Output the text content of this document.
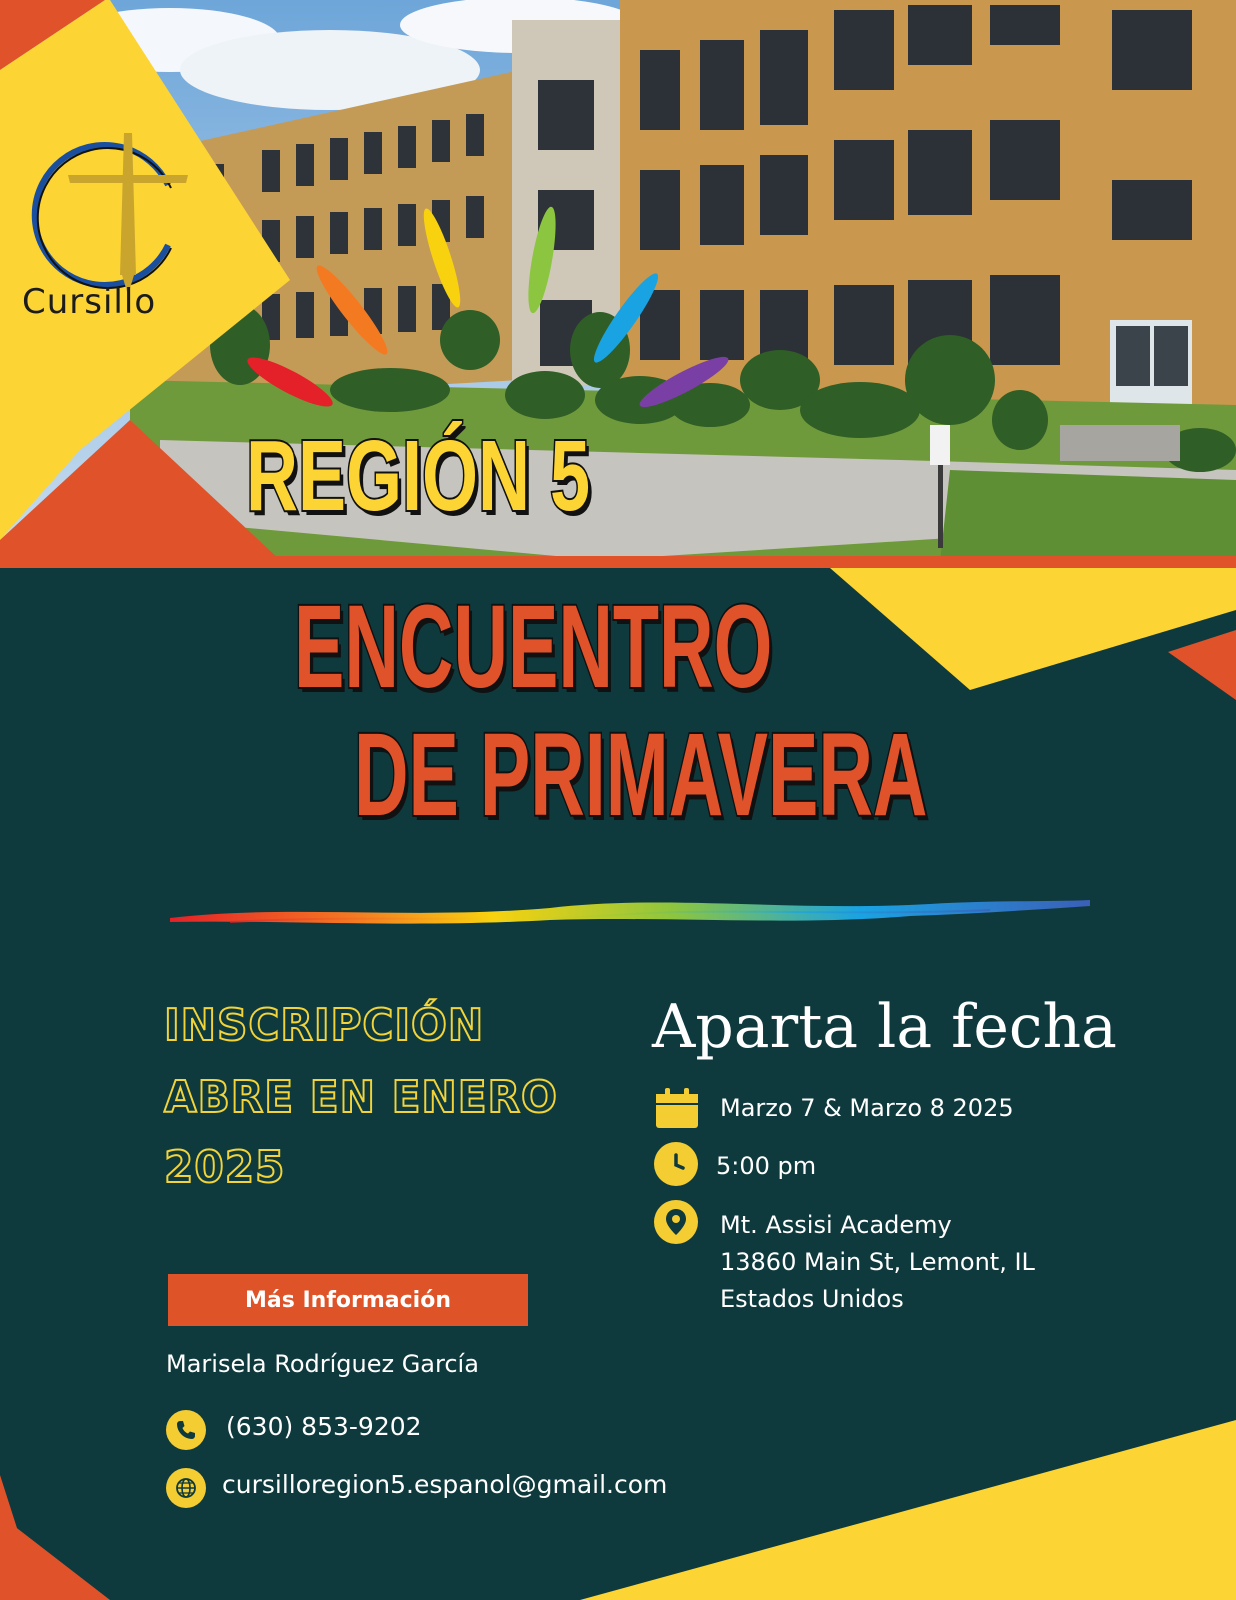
Cursillo
REGIÓN 5
ENCUENTRO
DE PRIMAVERA
INSCRIPCIÓN
ABRE EN ENERO
2025
Aparta la fecha
Marzo 7 & Marzo 8 2025
5:00 pm
Mt. Assisi Academy
13860 Main St, Lemont, IL
Estados Unidos
Más Información
Marisela Rodríguez García
(630) 853-9202
cursilloregion5.espanol@gmail.com
